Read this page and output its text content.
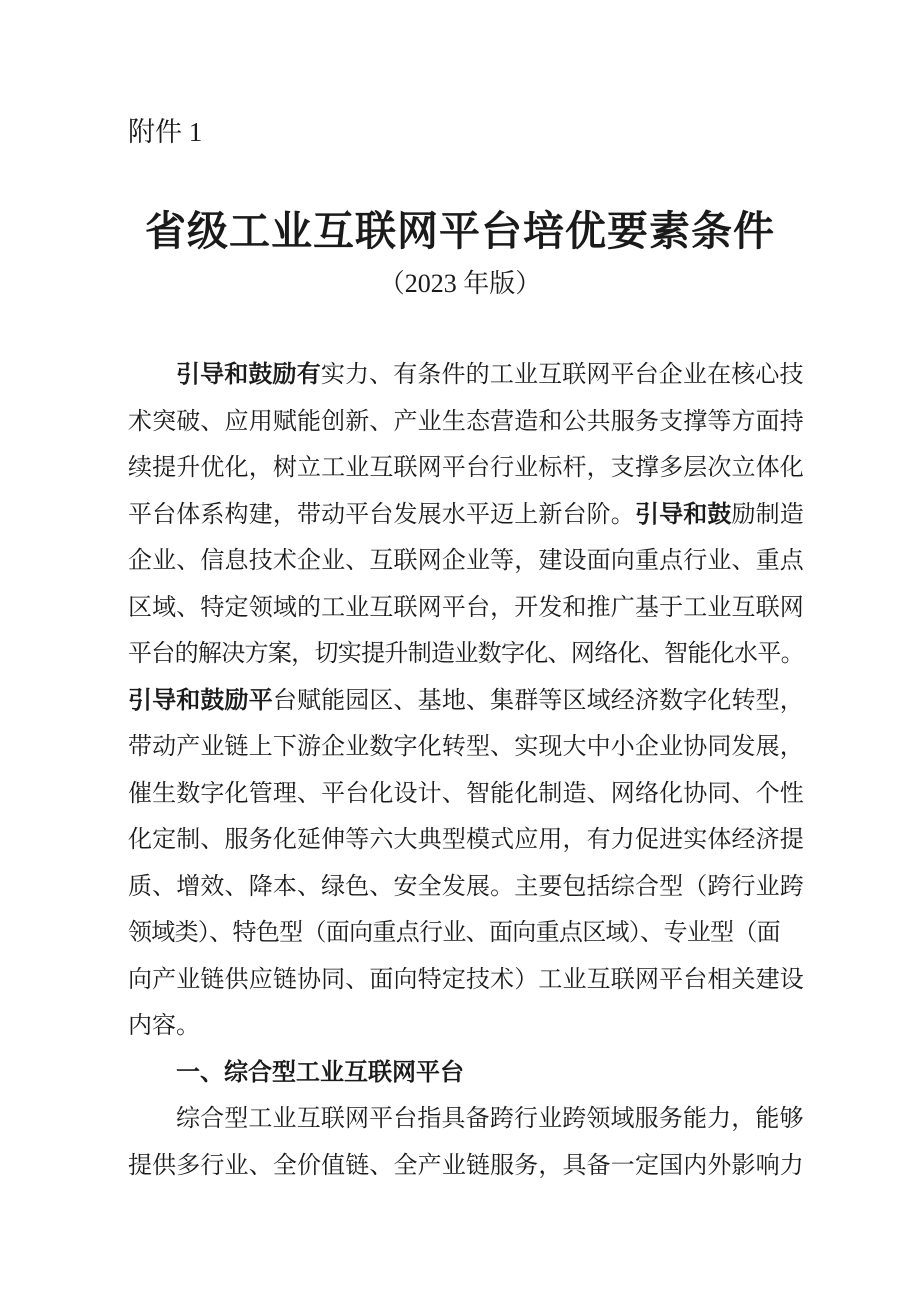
附件 1
省级工业互联网平台培优要素条件
（2023 年版）
引导和鼓励有实力、有条件的工业互联网平台企业在核心技
术突破、应用赋能创新、产业生态营造和公共服务支撑等方面持
续提升优化，树立工业互联网平台行业标杆，支撑多层次立体化
平台体系构建，带动平台发展水平迈上新台阶。引导和鼓励制造
企业、信息技术企业、互联网企业等，建设面向重点行业、重点
区域、特定领域的工业互联网平台，开发和推广基于工业互联网
平台的解决方案，切实提升制造业数字化、网络化、智能化水平。
引导和鼓励平台赋能园区、基地、集群等区域经济数字化转型，
带动产业链上下游企业数字化转型、实现大中小企业协同发展，
催生数字化管理、平台化设计、智能化制造、网络化协同、个性
化定制、服务化延伸等六大典型模式应用，有力促进实体经济提
质、增效、降本、绿色、安全发展。主要包括综合型（跨行业跨
领域类）、特色型（面向重点行业、面向重点区域）、专业型（面
向产业链供应链协同、面向特定技术）工业互联网平台相关建设
内容。
一、综合型工业互联网平台
综合型工业互联网平台指具备跨行业跨领域服务能力，能够
提供多行业、全价值链、全产业链服务，具备一定国内外影响力
